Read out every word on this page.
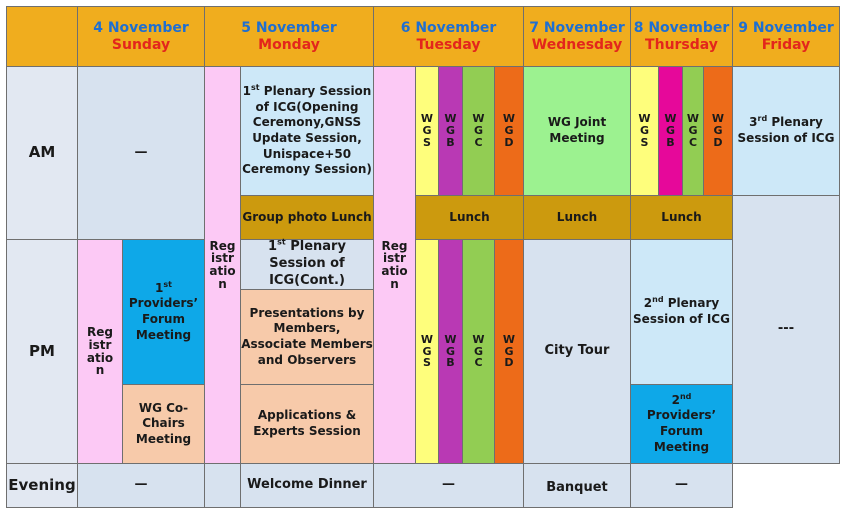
4 November
Sunday
5 November
Monday
6 November
Tuesday
7 November
Wednesday
8 November
Thursday
9 November
Friday
AM
PM
Evening
—
Reg
istr
atio
n
1st
Providers’ Forum Meeting
WG Co-Chairs Meeting
—
Reg
istr
atio
n
1st Plenary Session of ICG(Opening Ceremony,GNSS Update Session, Unispace+50 Ceremony Session)
Group photo Lunch
1st Plenary Session of ICG(Cont.)
Presentations by Members, Associate Members and Observers
Applications & Experts Session
Welcome Dinner
Reg
istr
atio
n
W
G
S
W
G
B
W
G
C
W
G
D
Lunch
W
G
S
W
G
B
W
G
C
W
G
D
—
WG Joint Meeting
Lunch
City Tour
Banquet
W
G
S
W
G
B
W
G
C
W
G
D
Lunch
2nd Plenary Session of ICG
2nd
Providers’ Forum Meeting
—
3rd Plenary Session of ICG
---
